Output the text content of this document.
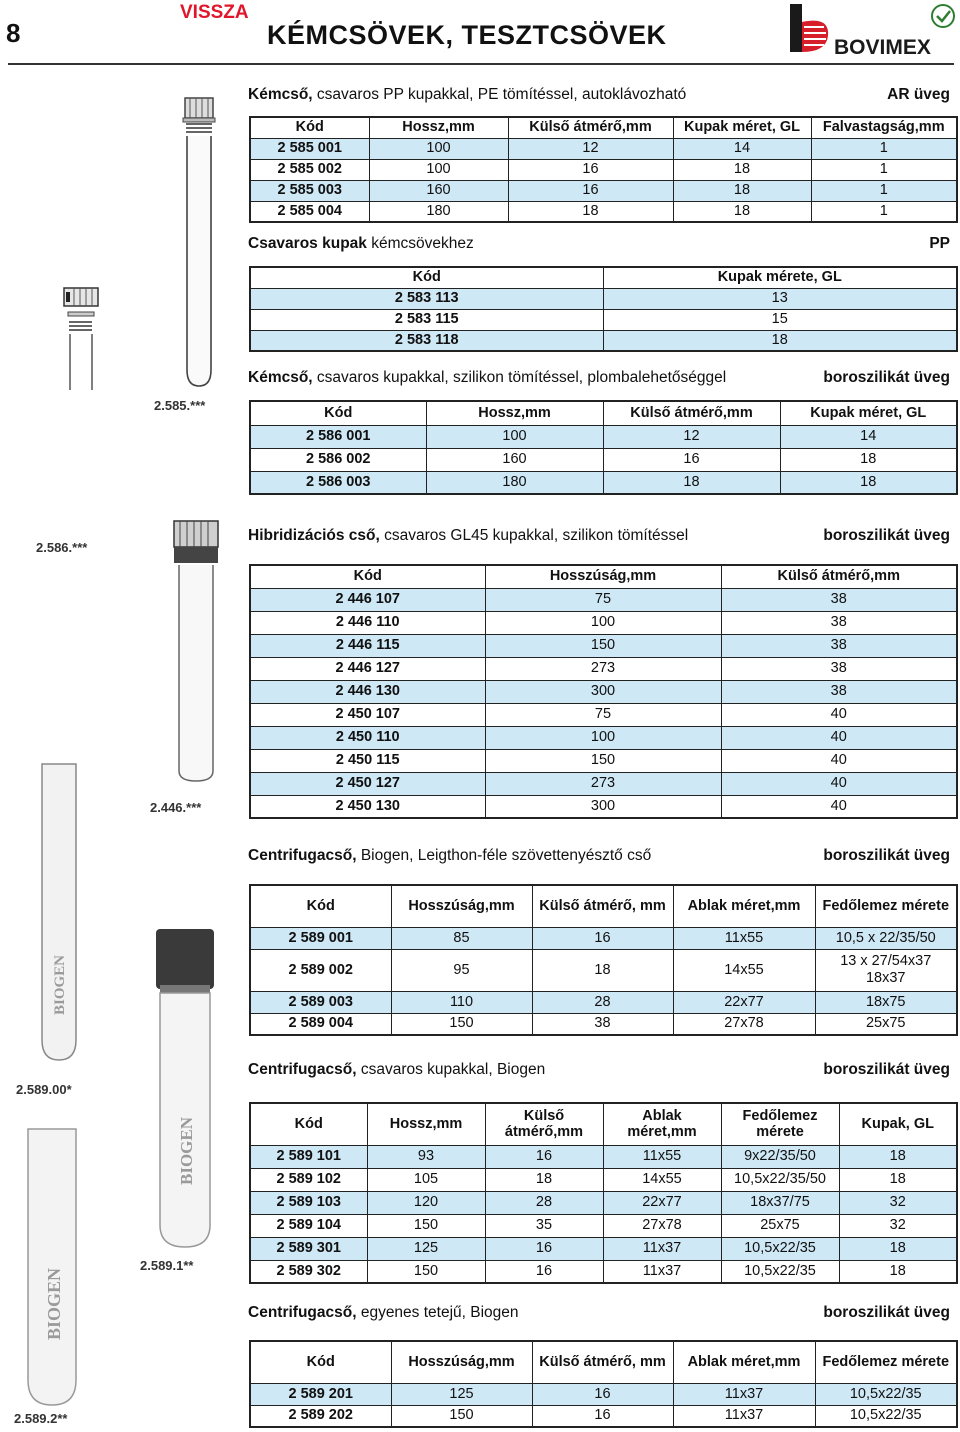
8
VISSZA
KÉMCSÖVEK, TESZTCSÖVEK	BOVIMEX
2.585.***
2.586.***
2.446.***
BIOGEN
2.589.00*
BIOGEN
2.589.1**
BIOGEN
2.589.2**
Kémcső, csavaros PP kupakkal, PE tömítéssel, autoklávozható	AR üveg
Kód	Hossz,mm	Külső átmérő,mm	Kupak méret, GL	Falvastagság,mm
2 585 001	100	12	14	1
2 585 002	100	16	18	1
2 585 003	160	16	18	1
2 585 004	180	18	18	1
Csavaros kupak kémcsövekhez	PP
Kód	Kupak mérete, GL
2 583 113	13
2 583 115	15
2 583 118	18
Kémcső, csavaros kupakkal, szilikon tömítéssel, plombalehetőséggel	boroszilikát üveg
Kód	Hossz,mm	Külső átmérő,mm	Kupak méret, GL
2 586 001	100	12	14
2 586 002	160	16	18
2 586 003	180	18	18
Hibridizációs cső, csavaros GL45 kupakkal, szilikon tömítéssel	boroszilikát üveg
Kód	Hosszúság,mm	Külső átmérő,mm
2 446 107	75	38
2 446 110	100	38
2 446 115	150	38
2 446 127	273	38
2 446 130	300	38
2 450 107	75	40
2 450 110	100	40
2 450 115	150	40
2 450 127	273	40
2 450 130	300	40
Centrifugacső, Biogen, Leigthon-féle szövettenyésztő cső	boroszilikát üveg
Kód	Hosszúság,mm	Külső átmérő, mm	Ablak méret,mm	Fedőlemez mérete
2 589 001	85	16	11x55	10,5 x 22/35/50
2 589 002	95	18	14x55	13 x 27/54x37 18x37
2 589 003	110	28	22x77	18x75
2 589 004	150	38	27x78	25x75
Centrifugacső, csavaros kupakkal, Biogen	boroszilikát üveg
Kód	Hossz,mm	Külső átmérő,mm	Ablak méret,mm	Fedőlemez mérete	Kupak, GL
2 589 101	93	16	11x55	9x22/35/50	18
2 589 102	105	18	14x55	10,5x22/35/50	18
2 589 103	120	28	22x77	18x37/75	32
2 589 104	150	35	27x78	25x75	32
2 589 301	125	16	11x37	10,5x22/35	18
2 589 302	150	16	11x37	10,5x22/35	18
Centrifugacső, egyenes tetejű, Biogen	boroszilikát üveg
Kód	Hosszúság,mm	Külső átmérő, mm	Ablak méret,mm	Fedőlemez mérete
2 589 201	125	16	11x37	10,5x22/35
2 589 202	150	16	11x37	10,5x22/35
